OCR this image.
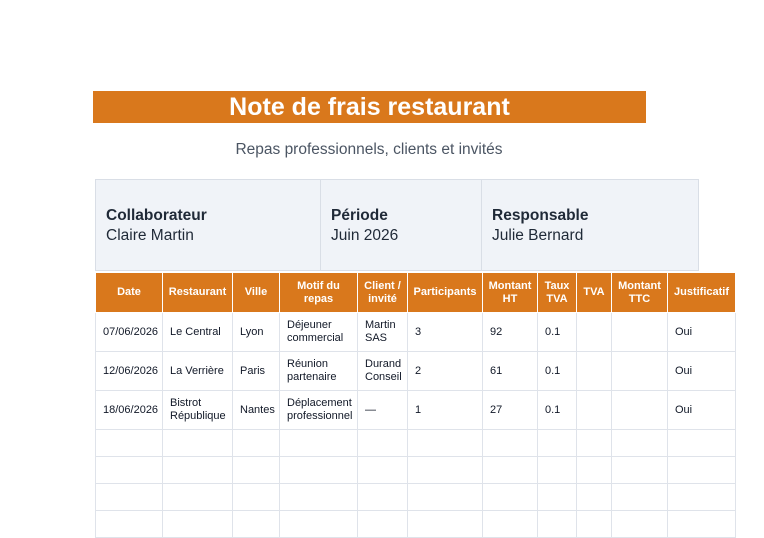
Note de frais restaurant
Repas professionnels, clients et invités
Collaborateur
Claire Martin
Période
Juin 2026
Responsable
Julie Bernard
Date	Restaurant	Ville	Motif du repas	Client / invité	Participants	Montant HT	Taux TVA	TVA	Montant TTC	Justificatif
07/06/2026	Le Central	Lyon	Déjeuner commercial	Martin SAS	3	92	0.1			Oui
12/06/2026	La Verrière	Paris	Réunion partenaire	Durand Conseil	2	61	0.1			Oui
18/06/2026	Bistrot République	Nantes	Déplacement professionnel	—	1	27	0.1			Oui
